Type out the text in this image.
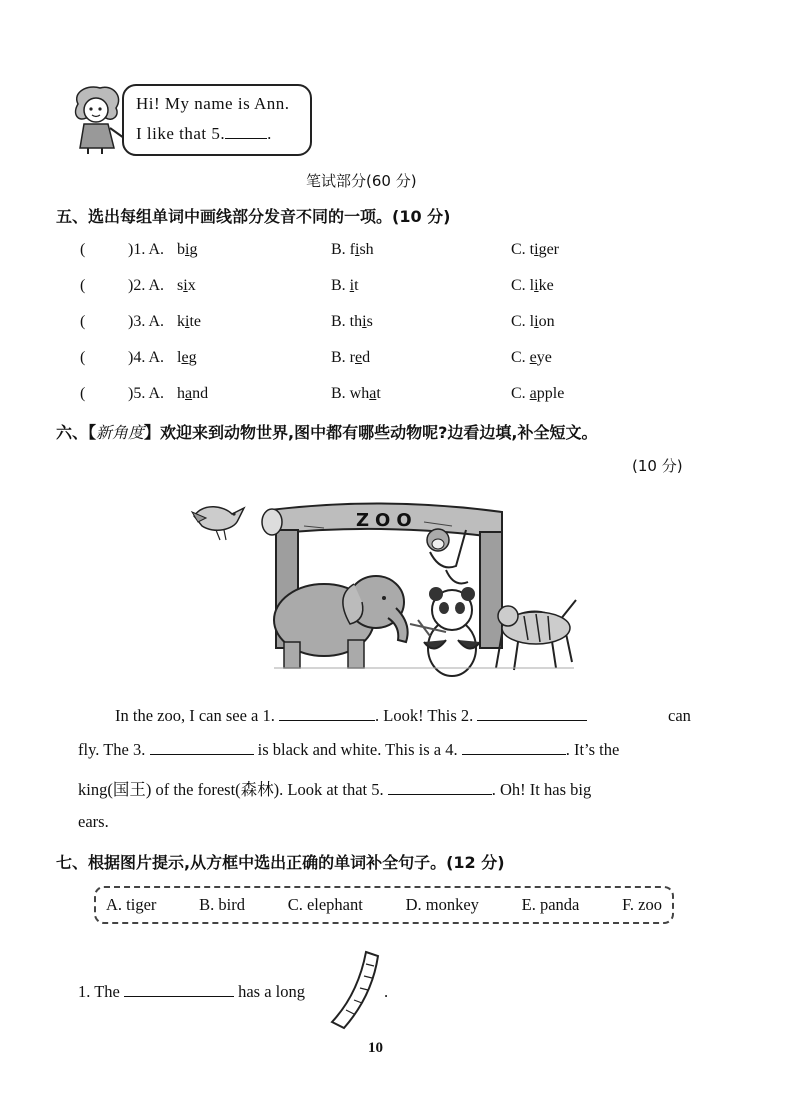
Hi! My name is Ann.
I like that 5. .
笔试部分(60 分)
五、选出每组单词中画线部分发音不同的一项。(10 分)
(	)1. A. big	B. fish	C. tiger
(	)2. A. six	B. it	C. like
(	)3. A. kite	B. this	C. lion
(	)4. A. leg	B. red	C. eye
(	)5. A. hand	B. what	C. apple
六、【新角度】欢迎来到动物世界,图中都有哪些动物呢?边看边填,补全短文。
(10 分)
ZOO
In the zoo, I can see a 1.	. Look! This 2.	can
fly. The 3.	is black and white. This is a 4.	. It’s the
king(国王) of the forest(森林). Look at that 5.	. Oh! It has big
ears.
七、根据图片提示,从方框中选出正确的单词补全句子。(12 分)
A. tiger	B. bird	C. elephant	D. monkey	E. panda	F. zoo
1. The	has a long	.
10
